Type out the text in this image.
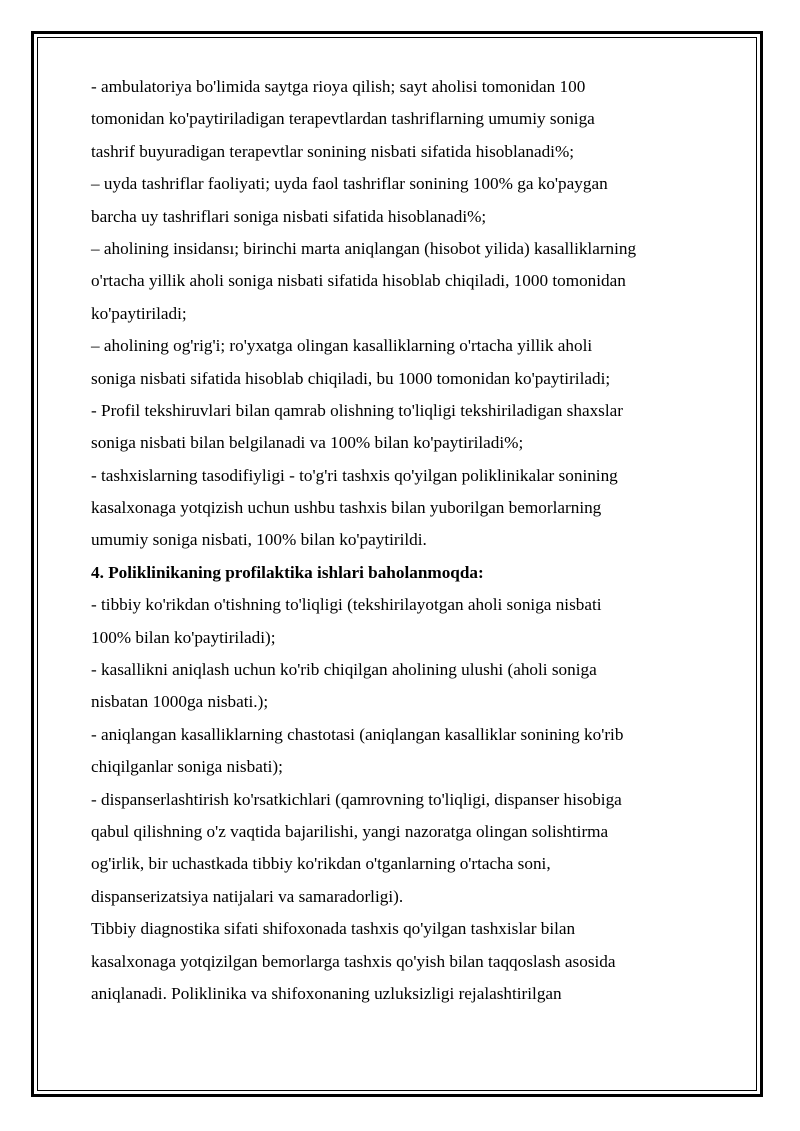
- ambulatoriya bo'limida saytga rioya qilish; sayt aholisi tomonidan 100
tomonidan ko'paytiriladigan terapevtlardan tashriflarning umumiy soniga
tashrif buyuradigan terapevtlar sonining nisbati sifatida hisoblanadi%;
– uyda tashriflar faoliyati; uyda faol tashriflar sonining 100% ga ko'paygan
barcha uy tashriflari soniga nisbati sifatida hisoblanadi%;
– aholining insidansı; birinchi marta aniqlangan (hisobot yilida) kasalliklarning
o'rtacha yillik aholi soniga nisbati sifatida hisoblab chiqiladi, 1000 tomonidan
ko'paytiriladi;
– aholining og'rig'i; ro'yxatga olingan kasalliklarning o'rtacha yillik aholi
soniga nisbati sifatida hisoblab chiqiladi, bu 1000 tomonidan ko'paytiriladi;
- Profil tekshiruvlari bilan qamrab olishning to'liqligi tekshiriladigan shaxslar
soniga nisbati bilan belgilanadi va 100% bilan ko'paytiriladi%;
- tashxislarning tasodifiyligi - to'g'ri tashxis qo'yilgan poliklinikalar sonining
kasalxonaga yotqizish uchun ushbu tashxis bilan yuborilgan bemorlarning
umumiy soniga nisbati, 100% bilan ko'paytirildi.
4. Poliklinikaning profilaktika ishlari baholanmoqda:
- tibbiy ko'rikdan o'tishning to'liqligi (tekshirilayotgan aholi soniga nisbati
100% bilan ko'paytiriladi);
- kasallikni aniqlash uchun ko'rib chiqilgan aholining ulushi (aholi soniga
nisbatan 1000ga nisbati.);
- aniqlangan kasalliklarning chastotasi (aniqlangan kasalliklar sonining ko'rib
chiqilganlar soniga nisbati);
- dispanserlashtirish ko'rsatkichlari (qamrovning to'liqligi, dispanser hisobiga
qabul qilishning o'z vaqtida bajarilishi, yangi nazoratga olingan solishtirma
og'irlik, bir uchastkada tibbiy ko'rikdan o'tganlarning o'rtacha soni,
dispanserizatsiya natijalari va samaradorligi).
Tibbiy diagnostika sifati shifoxonada tashxis qo'yilgan tashxislar bilan
kasalxonaga yotqizilgan bemorlarga tashxis qo'yish bilan taqqoslash asosida
aniqlanadi. Poliklinika va shifoxonaning uzluksizligi rejalashtirilgan
